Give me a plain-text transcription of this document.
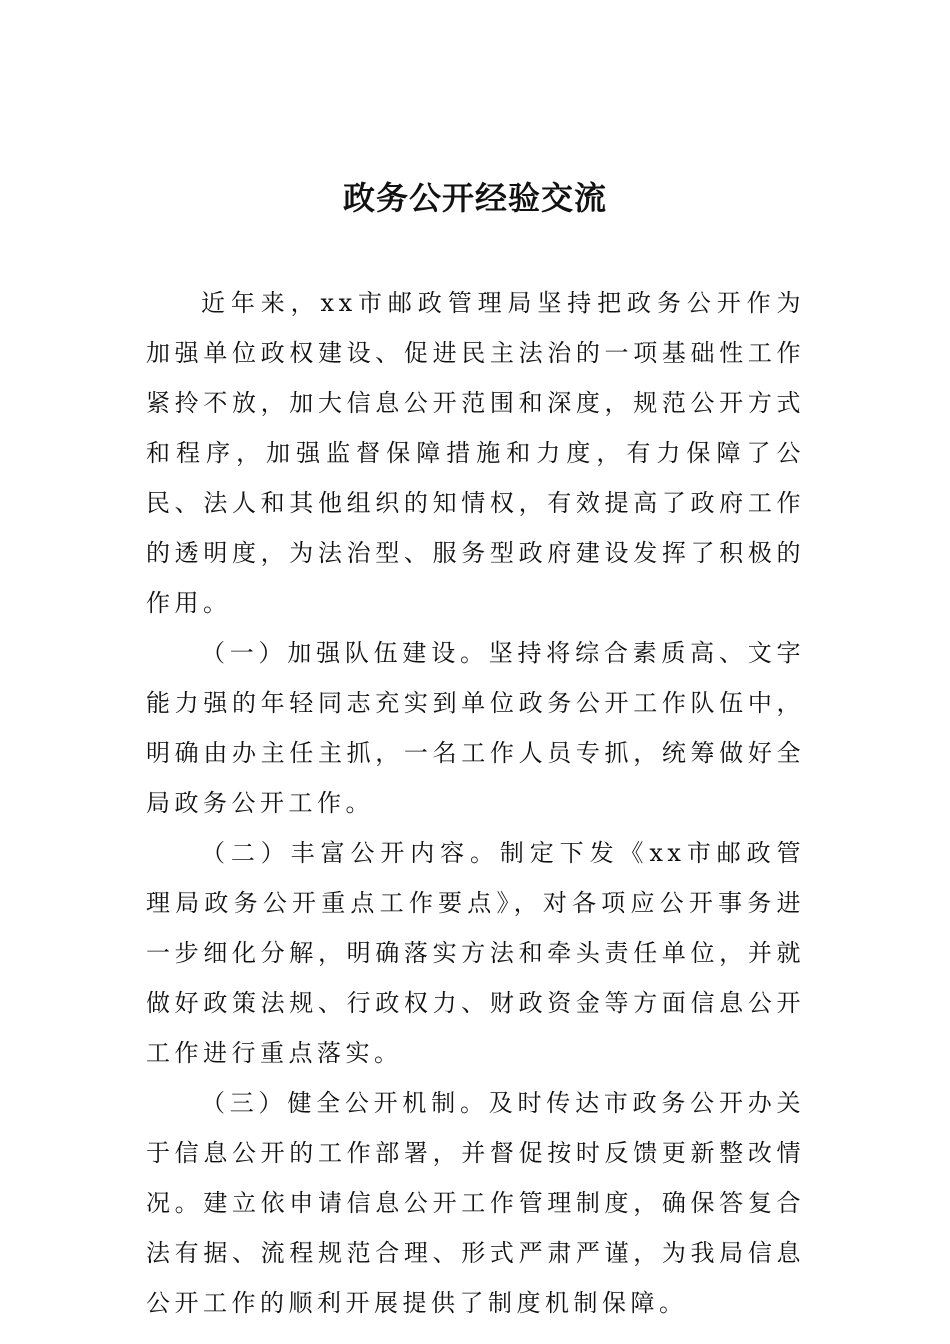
政务公开经验交流

近年来，xx市邮政管理局坚持把政务公开作为加强单位政权建设、促进民主法治的一项基础性工作紧拎不放，加大信息公开范围和深度，规范公开方式和程序，加强监督保障措施和力度，有力保障了公民、法人和其他组织的知情权，有效提高了政府工作的透明度，为法治型、服务型政府建设发挥了积极的作用。

（一）加强队伍建设。坚持将综合素质高、文字能力强的年轻同志充实到单位政务公开工作队伍中，明确由办主任主抓，一名工作人员专抓，统筹做好全局政务公开工作。

（二）丰富公开内容。制定下发《xx市邮政管理局政务公开重点工作要点》，对各项应公开事务进一步细化分解，明确落实方法和牵头责任单位，并就做好政策法规、行政权力、财政资金等方面信息公开工作进行重点落实。

（三）健全公开机制。及时传达市政务公开办关于信息公开的工作部署，并督促按时反馈更新整改情况。建立依申请信息公开工作管理制度，确保答复合法有据、流程规范合理、形式严肃严谨，为我局信息公开工作的顺利开展提供了制度机制保障。
